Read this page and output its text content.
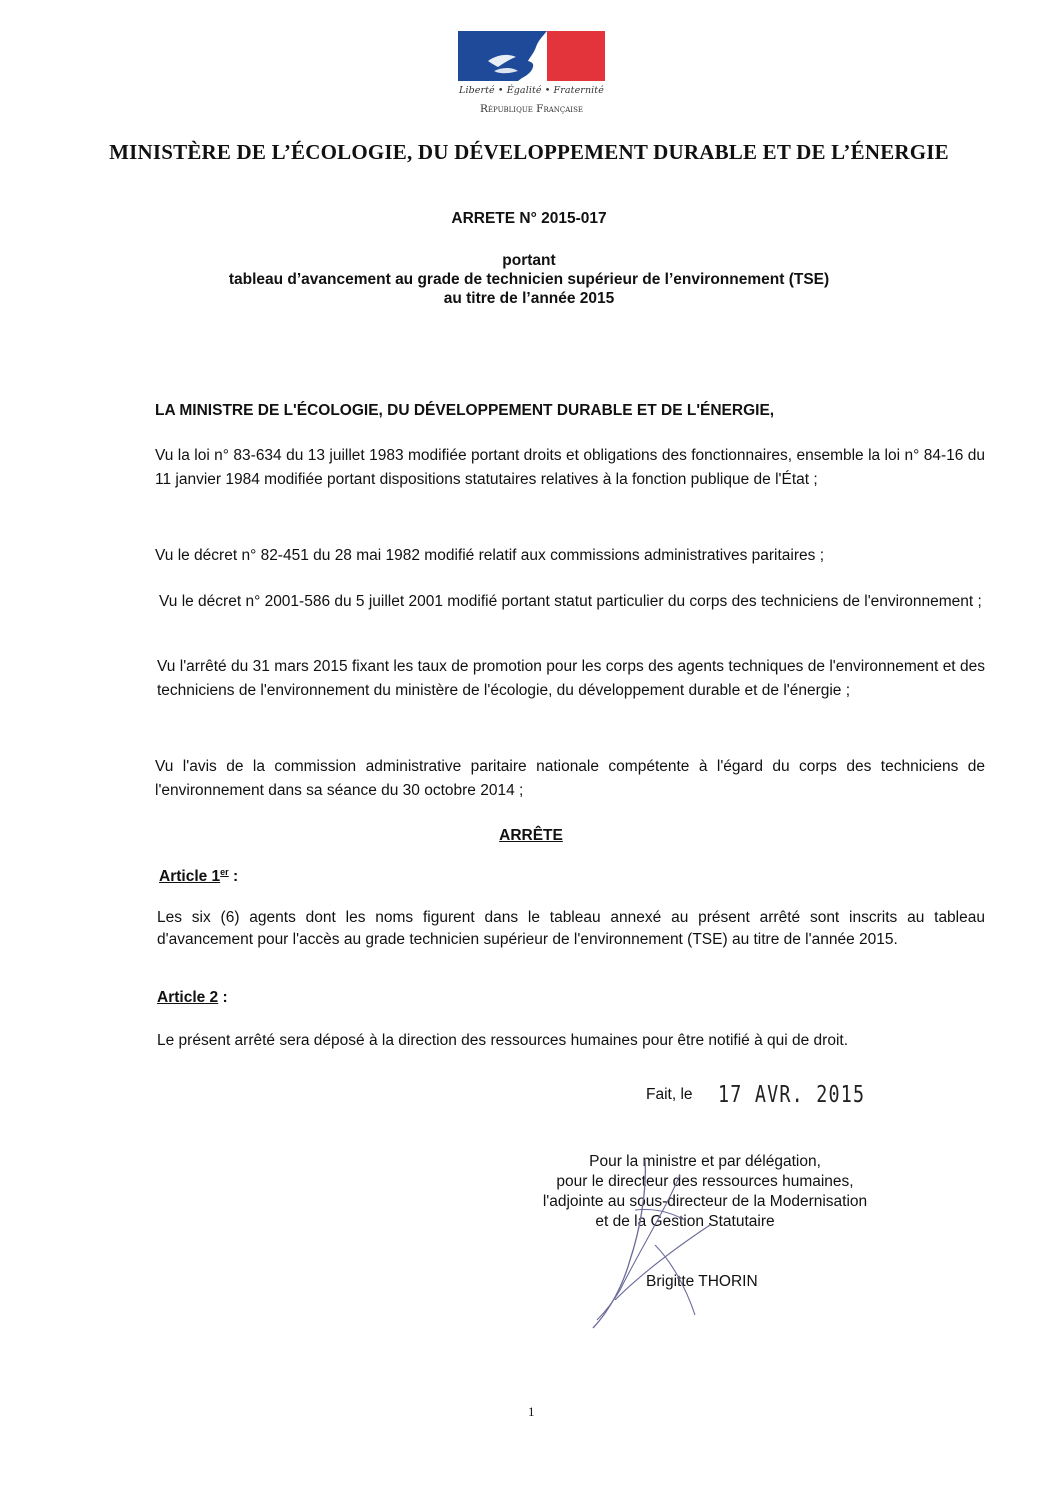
Liberté • Égalité • Fraternité
République Française
MINISTÈRE DE L’ÉCOLOGIE, DU DÉVELOPPEMENT DURABLE ET DE L’ÉNERGIE
ARRETE N° 2015-017
portant
tableau d’avancement au grade de technicien supérieur de l’environnement (TSE)
au titre de l’année 2015
LA MINISTRE DE L'ÉCOLOGIE, DU DÉVELOPPEMENT DURABLE ET DE L'ÉNERGIE,
Vu la loi n° 83-634 du 13 juillet 1983 modifiée portant droits et obligations des fonctionnaires, ensemble la loi n° 84-16 du 11 janvier 1984 modifiée portant dispositions statutaires relatives à la fonction publique de l'État ;
Vu le décret n° 82-451 du 28 mai 1982 modifié relatif aux commissions administratives paritaires ;
Vu le décret n° 2001-586 du 5 juillet 2001 modifié portant statut particulier du corps des techniciens de l'environnement ;
Vu l'arrêté du 31 mars 2015 fixant les taux de promotion pour les corps des agents techniques de l'environnement et des techniciens de l'environnement du ministère de l'écologie, du développement durable et de l'énergie ;
Vu l'avis de la commission administrative paritaire nationale compétente à l'égard du corps des techniciens de l'environnement dans sa séance du 30 octobre 2014 ;
ARRÊTE
Article 1er :
Les six (6) agents dont les noms figurent dans le tableau annexé au présent arrêté sont inscrits au tableau d'avancement pour l'accès au grade technicien supérieur de l'environnement (TSE) au titre de l'année 2015.
Article 2 :
Le présent arrêté sera déposé à la direction des ressources humaines pour être notifié à qui de droit.
Fait, le 17 AVR. 2015
Pour la ministre et par délégation,
pour le directeur des ressources humaines,
l'adjointe au sous-directeur de la Modernisation
et de la Gestion Statutaire
Brigitte THORIN
1
